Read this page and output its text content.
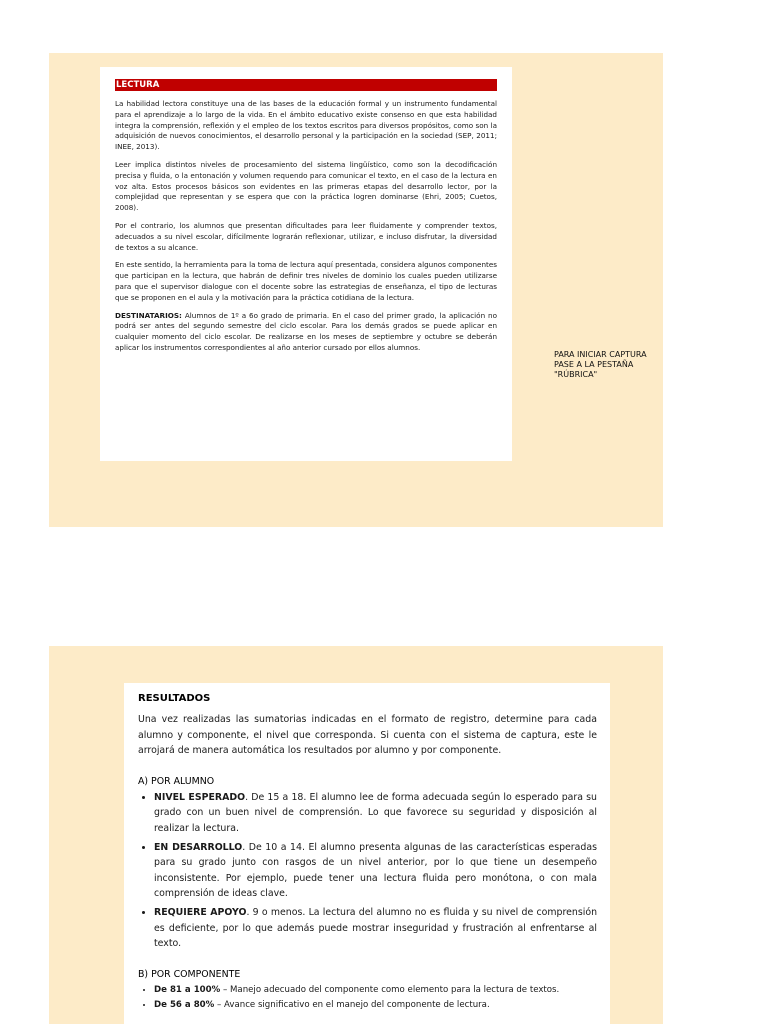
LECTURA

La habilidad lectora constituye una de las bases de la educación formal y un instrumento fundamental para el aprendizaje a lo largo de la vida. En el ámbito educativo existe consenso en que esta habilidad integra la comprensión, reflexión y el empleo de los textos escritos para diversos propósitos, como son la adquisición de nuevos conocimientos, el desarrollo personal y la participación en la sociedad (SEP, 2011; INEE, 2013).

Leer implica distintos niveles de procesamiento del sistema lingüístico, como son la decodificación precisa y fluida, o la entonación y volumen requendo para comunicar el texto, en el caso de la lectura en voz alta. Estos procesos básicos son evidentes en las primeras etapas del desarrollo lector, por la complejidad que representan y se espera que con la práctica logren dominarse (Ehri, 2005; Cuetos, 2008).

Por el contrario, los alumnos que presentan dificultades para leer fluidamente y comprender textos, adecuados a su nivel escolar, difícilmente lograrán reflexionar, utilizar, e incluso disfrutar, la diversidad de textos a su alcance.

En este sentido, la herramienta para la toma de lectura aquí presentada, considera algunos componentes que participan en la lectura, que habrán de definir tres niveles de dominio los cuales pueden utilizarse para que el supervisor dialogue con el docente sobre las estrategias de enseñanza, el tipo de lecturas que se proponen en el aula y la motivación para la práctica cotidiana de la lectura.

DESTINATARIOS: Alumnos de 1º a 6o grado de primaria. En el caso del primer grado, la aplicación no podrá ser antes del segundo semestre del ciclo escolar. Para los demás grados se puede aplicar en cualquier momento del ciclo escolar. De realizarse en los meses de septiembre y octubre se deberán aplicar los instrumentos correspondientes al año anterior cursado por ellos alumnos.

PARA INICIAR CAPTURA PASE A LA PESTAÑA "RÚBRICA"
RESULTADOS

Una vez realizadas las sumatorias indicadas en el formato de registro, determine para cada alumno y componente, el nivel que corresponda. Si cuenta con el sistema de captura, este le arrojará de manera automática los resultados por alumno y por componente.

A) POR ALUMNO

• NIVEL ESPERADO. De 15 a 18. El alumno lee de forma adecuada según lo esperado para su grado con un buen nivel de comprensión. Lo que favorece su seguridad y disposición al realizar la lectura.
• EN DESARROLLO. De 10 a 14. El alumno presenta algunas de las características esperadas para su grado junto con rasgos de un nivel anterior, por lo que tiene un desempeño inconsistente. Por ejemplo, puede tener una lectura fluida pero monótona, o con mala comprensión de ideas clave.
• REQUIERE APOYO. 9 o menos. La lectura del alumno no es fluida y su nivel de comprensión es deficiente, por lo que además puede mostrar inseguridad y frustración al enfrentarse al texto.

B) POR COMPONENTE

• De 81 a 100% – Manejo adecuado del componente como elemento para la lectura de textos.
• De 56 a 80% – Avance significativo en el manejo del componente de lectura.
